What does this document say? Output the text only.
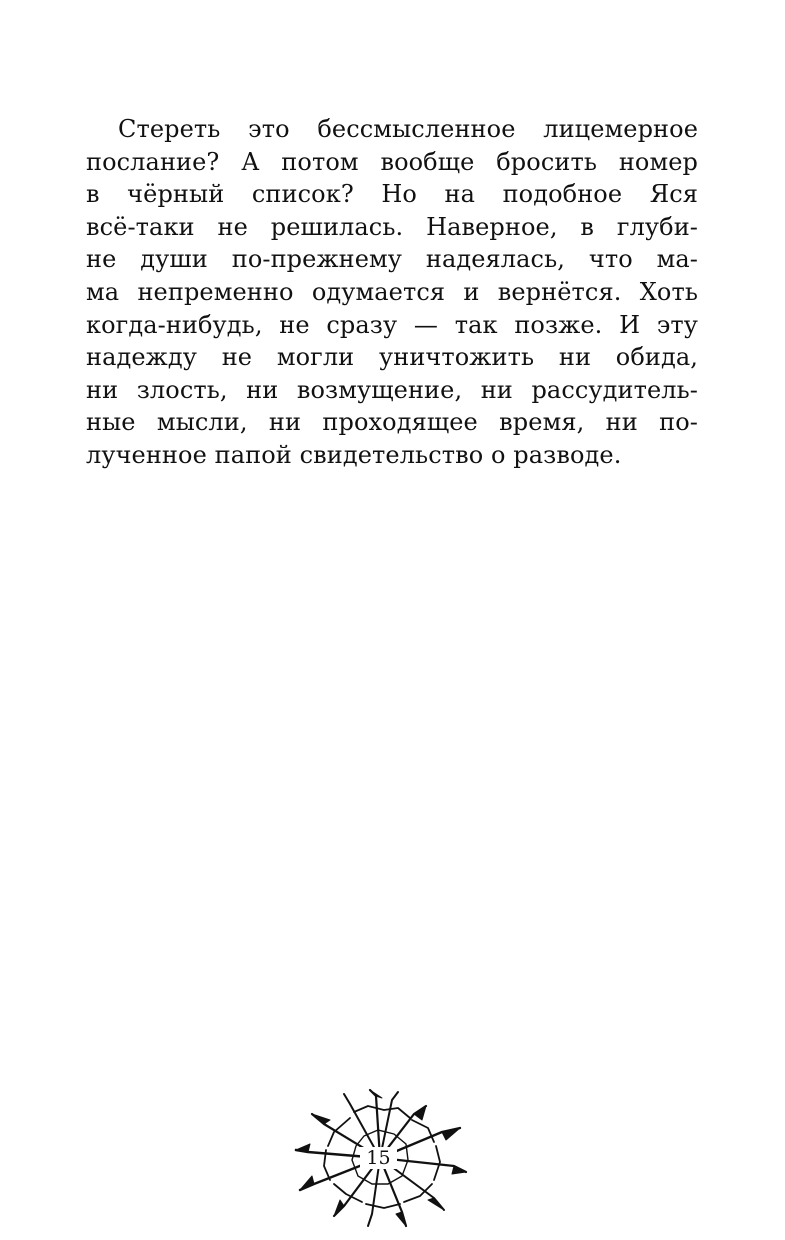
Стереть это бессмысленное лицемерное
послание? А потом вообще бросить номер
в чёрный список? Но на подобное Яся
всё-таки не решилась. Наверное, в глуби-
не души по-прежнему надеялась, что ма-
ма непременно одумается и вернётся. Хоть
когда-нибудь, не сразу — так позже. И эту
надежду не могли уничтожить ни обида,
ни злость, ни возмущение, ни рассудитель-
ные мысли, ни проходящее время, ни по-
лученное папой свидетельство о разводе.
15
